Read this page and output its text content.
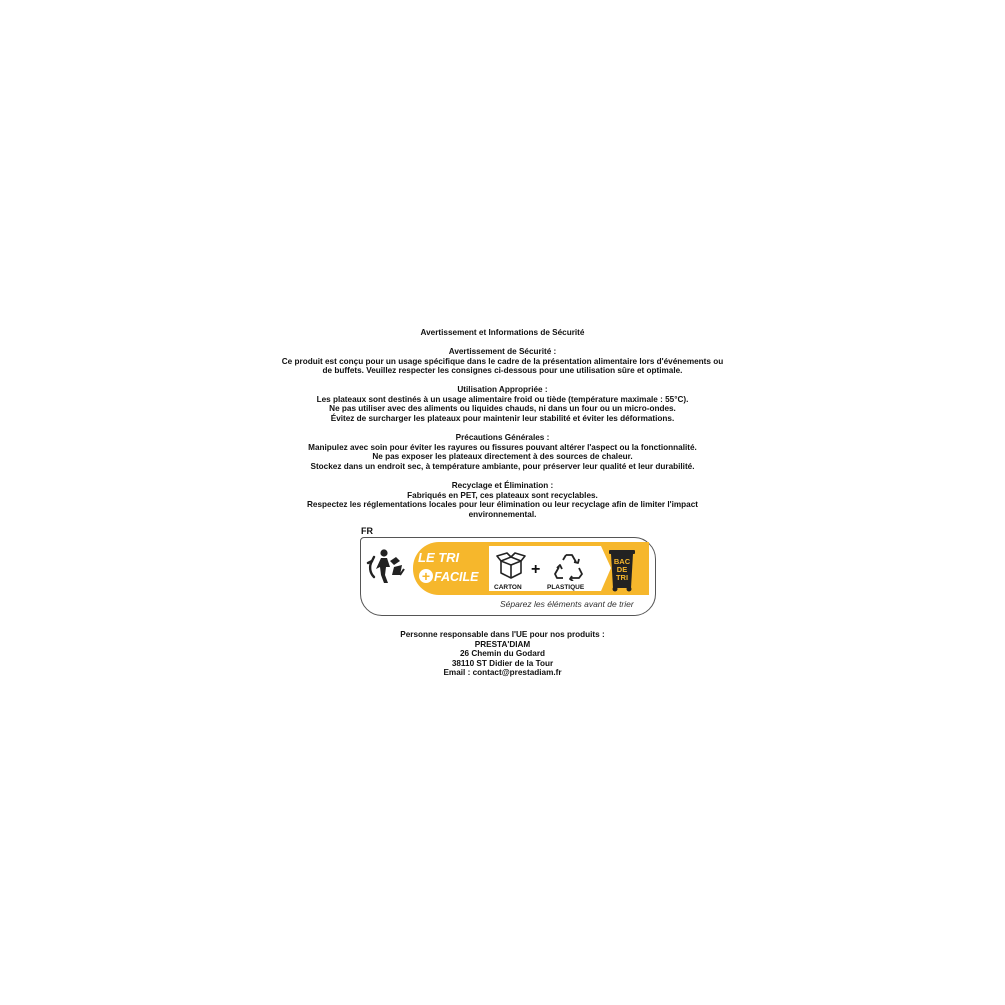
Avertissement et Informations de Sécurité
Avertissement de Sécurité :
Ce produit est conçu pour un usage spécifique dans le cadre de la présentation alimentaire lors d'événements ou
de buffets. Veuillez respecter les consignes ci-dessous pour une utilisation sûre et optimale.
Utilisation Appropriée :
Les plateaux sont destinés à un usage alimentaire froid ou tiède (température maximale : 55°C).
Ne pas utiliser avec des aliments ou liquides chauds, ni dans un four ou un micro-ondes.
Évitez de surcharger les plateaux pour maintenir leur stabilité et éviter les déformations.
Précautions Générales :
Manipulez avec soin pour éviter les rayures ou fissures pouvant altérer l'aspect ou la fonctionnalité.
Ne pas exposer les plateaux directement à des sources de chaleur.
Stockez dans un endroit sec, à température ambiante, pour préserver leur qualité et leur durabilité.
Recyclage et Élimination :
Fabriqués en PET, ces plateaux sont recyclables.
Respectez les réglementations locales pour leur élimination ou leur recyclage afin de limiter l'impact
environnemental.
FR
LE TRI
+ FACILE
CARTON
+
PLASTIQUE
BAC
DE
TRI
Séparez les éléments avant de trier
Personne responsable dans l'UE pour nos produits :
PRESTA'DIAM
26 Chemin du Godard
38110 ST Didier de la Tour
Email : contact@prestadiam.fr
